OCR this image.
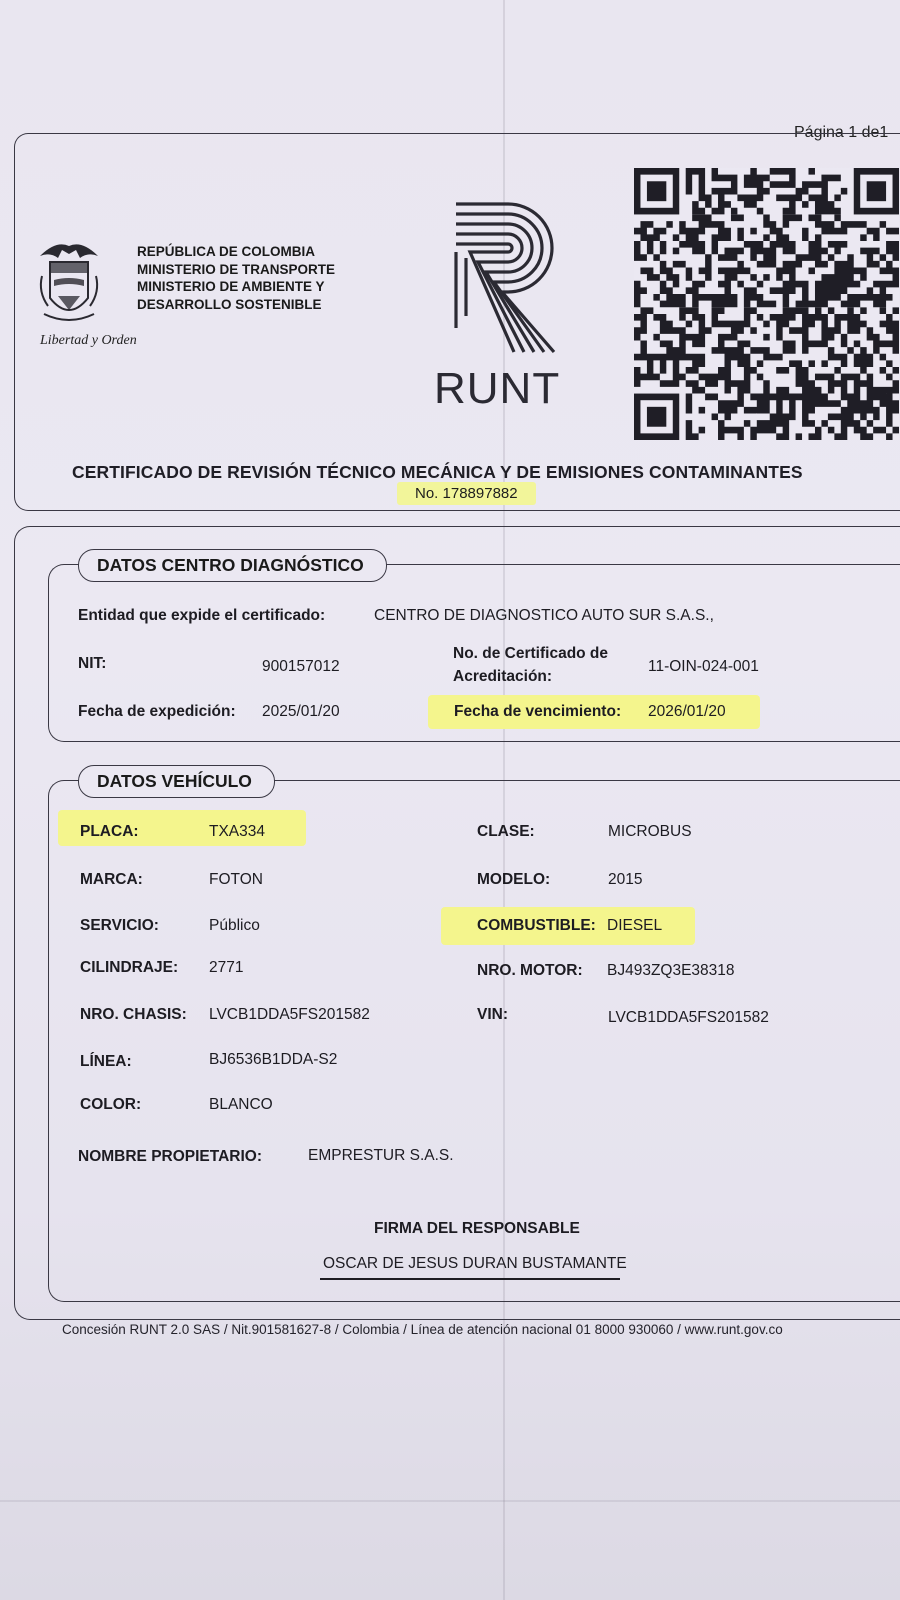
Página 1 de1
Libertad y Orden
REPÚBLICA DE COLOMBIA
MINISTERIO DE TRANSPORTE
MINISTERIO DE AMBIENTE Y
DESARROLLO SOSTENIBLE
RUNT
CERTIFICADO DE REVISIÓN TÉCNICO MECÁNICA Y DE EMISIONES CONTAMINANTES
No. 178897882
DATOS CENTRO DIAGNÓSTICO
DATOS VEHÍCULO
Entidad que expide el certificado:	CENTRO DE DIAGNOSTICO AUTO SUR S.A.S.,
NIT:	900157012
No. de Certificado de
Acreditación:
11-OIN-024-001
Fecha de expedición: 2025/01/20	Fecha de vencimiento: 2026/01/20
PLACA:	TXA334	CLASE:	MICROBUS
MARCA:	FOTON	MODELO:	2015
SERVICIO:	Público	COMBUSTIBLE: DIESEL
CILINDRAJE: 2771	NRO. MOTOR: BJ493ZQ3E38318
NRO. CHASIS: LVCB1DDA5FS201582	VIN:	LVCB1DDA5FS201582
LÍNEA:	BJ6536B1DDA-S2
COLOR:	BLANCO
NOMBRE PROPIETARIO:	EMPRESTUR S.A.S.
FIRMA DEL RESPONSABLE
OSCAR DE JESUS DURAN BUSTAMANTE
Concesión RUNT 2.0 SAS / Nit.901581627-8 / Colombia / Línea de atención nacional 01 8000 930060 / www.runt.gov.co
